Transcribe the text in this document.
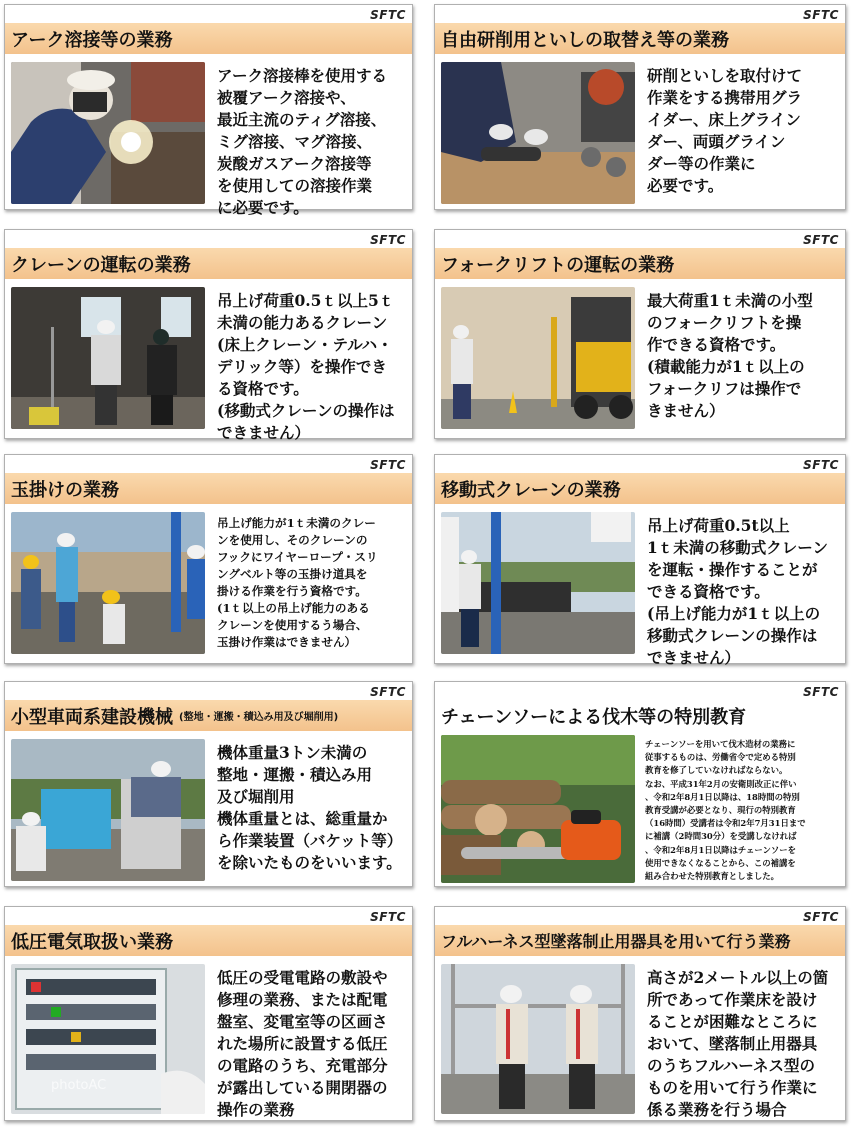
SFTC
アーク溶接等の業務

アーク溶接棒を使用する
被覆アーク溶接や、
最近主流のティグ溶接、
ミグ溶接、マグ溶接、
炭酸ガスアーク溶接等
を使用しての溶接作業
に必要です。

SFTC
自由研削用といしの取替え等の業務

研削といしを取付けて
作業をする携帯用グラ
イダー、床上グライン
ダー、両頭グライン
ダー等の作業に
必要です。

SFTC
クレーンの運転の業務

吊上げ荷重0.5ｔ以上5ｔ
未満の能力あるクレーン
(床上クレーン・テルハ・
デリック等）を操作でき
る資格です。
(移動式クレーンの操作は
できません）

SFTC
フォークリフトの運転の業務

最大荷重1ｔ未満の小型
のフォークリフトを操
作できる資格です。
(積載能力が1ｔ以上の
フォークリフは操作で
きません）

SFTC
玉掛けの業務

吊上げ能力が1ｔ未満のクレー
ンを使用し、そのクレーンの
フックにワイヤーロープ・スリ
ングベルト等の玉掛け道具を
掛ける作業を行う資格です。
(1ｔ以上の吊上げ能力のある
クレーンを使用するう場合、
玉掛け作業はできません）

SFTC
移動式クレーンの業務

吊上げ荷重0.5t以上
1ｔ未満の移動式クレーン
を運転・操作することが
できる資格です。
(吊上げ能力が1ｔ以上の
移動式クレーンの操作は
できません）

SFTC
小型車両系建設機械 (整地・運搬・積込み用及び堀削用)

機体重量3トン未満の
整地・運搬・積込み用
及び堀削用
機体重量とは、総重量か
ら作業装置（バケット等）
を除いたものをいいます。

SFTC
チェーンソーによる伐木等の特別教育

チェーンソーを用いて伐木造材の業務に
従事するものは、労働省令で定める特別
教育を修了していなければならない。
なお、平成31年2月の安衛則改正に伴い
、令和2年8月1日以降は、18時間の特別
教育受講が必要となり、現行の特別教育
（16時間）受講者は令和2年7月31日まで
に補講（2時間30分）を受講しなければ
、令和2年8月1日以降はチェーンソーを
使用できなくなることから、この補講を
組み合わせた特別教育としました。

SFTC
低圧電気取扱い業務
photoAC

低圧の受電電路の敷設や
修理の業務、または配電
盤室、変電室等の区画さ
れた場所に設置する低圧
の電路のうち、充電部分
が露出している開閉器の
操作の業務

SFTC
フルハーネス型墜落制止用器具を用いて行う業務

高さが2メートル以上の箇
所であって作業床を設け
ることが困難なところに
おいて、墜落制止用器具
のうちフルハーネス型の
ものを用いて行う作業に
係る業務を行う場合
